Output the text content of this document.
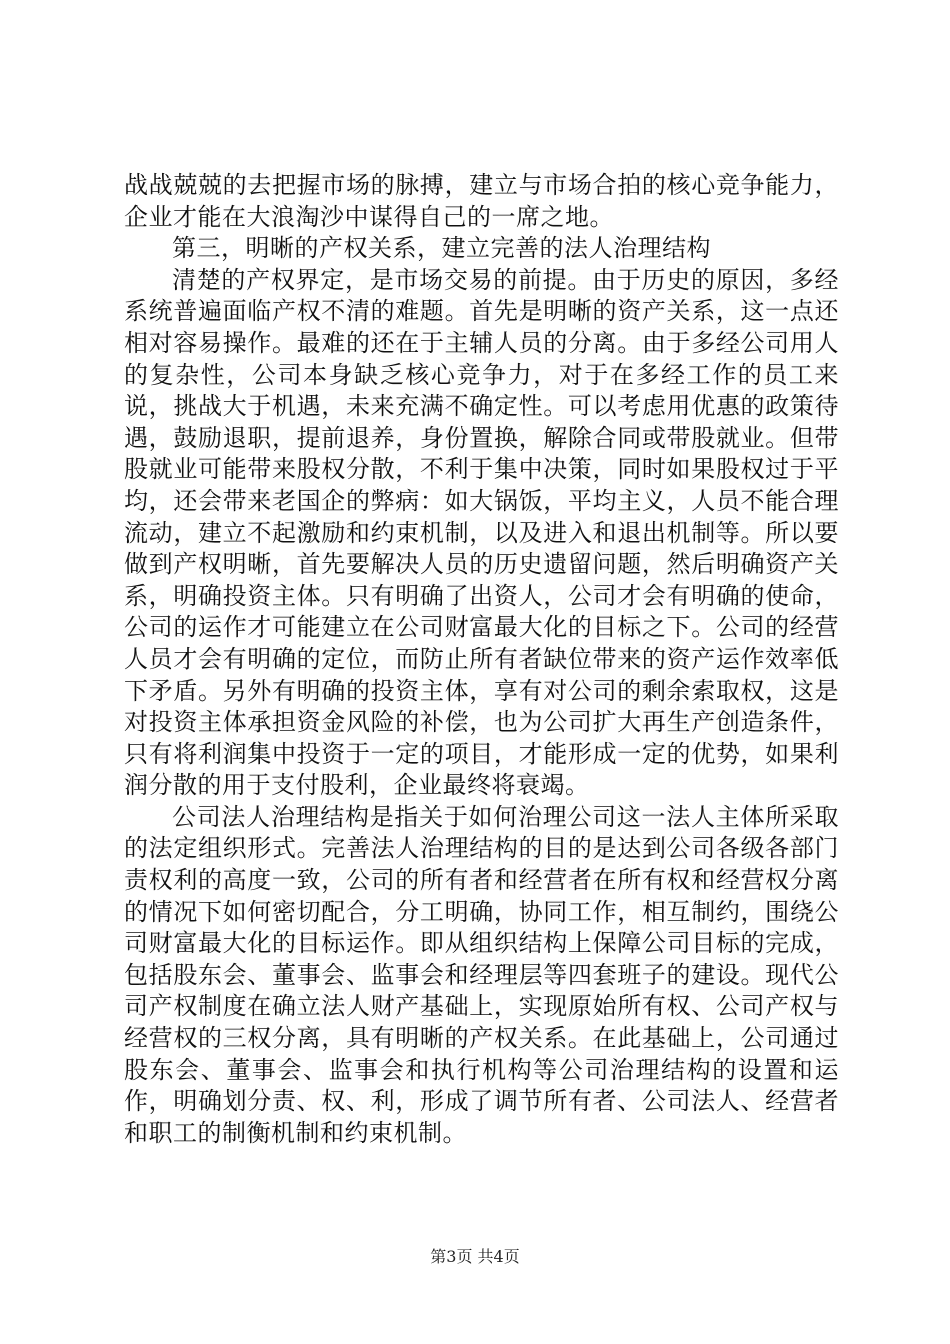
战战兢兢的去把握市场的脉搏，建立与市场合拍的核心竞争能力，企业才能在大浪淘沙中谋得自己的一席之地。

第三，明晰的产权关系，建立完善的法人治理结构

清楚的产权界定，是市场交易的前提。由于历史的原因，多经系统普遍面临产权不清的难题。首先是明晰的资产关系，这一点还相对容易操作。最难的还在于主辅人员的分离。由于多经公司用人的复杂性，公司本身缺乏核心竞争力，对于在多经工作的员工来说，挑战大于机遇，未来充满不确定性。可以考虑用优惠的政策待遇，鼓励退职，提前退养，身份置换，解除合同或带股就业。但带股就业可能带来股权分散，不利于集中决策，同时如果股权过于平均，还会带来老国企的弊病：如大锅饭，平均主义，人员不能合理流动，建立不起激励和约束机制，以及进入和退出机制等。所以要做到产权明晰，首先要解决人员的历史遗留问题，然后明确资产关系，明确投资主体。只有明确了出资人，公司才会有明确的使命，公司的运作才可能建立在公司财富最大化的目标之下。公司的经营人员才会有明确的定位，而防止所有者缺位带来的资产运作效率低下矛盾。另外有明确的投资主体，享有对公司的剩余索取权，这是对投资主体承担资金风险的补偿，也为公司扩大再生产创造条件，只有将利润集中投资于一定的项目，才能形成一定的优势，如果利润分散的用于支付股利，企业最终将衰竭。

公司法人治理结构是指关于如何治理公司这一法人主体所采取的法定组织形式。完善法人治理结构的目的是达到公司各级各部门责权利的高度一致，公司的所有者和经营者在所有权和经营权分离的情况下如何密切配合，分工明确，协同工作，相互制约，围绕公司财富最大化的目标运作。即从组织结构上保障公司目标的完成，包括股东会、董事会、监事会和经理层等四套班子的建设。现代公司产权制度在确立法人财产基础上，实现原始所有权、公司产权与经营权的三权分离，具有明晰的产权关系。在此基础上，公司通过股东会、董事会、监事会和执行机构等公司治理结构的设置和运作，明确划分责、权、利，形成了调节所有者、公司法人、经营者和职工的制衡机制和约束机制。

第3页 共4页
